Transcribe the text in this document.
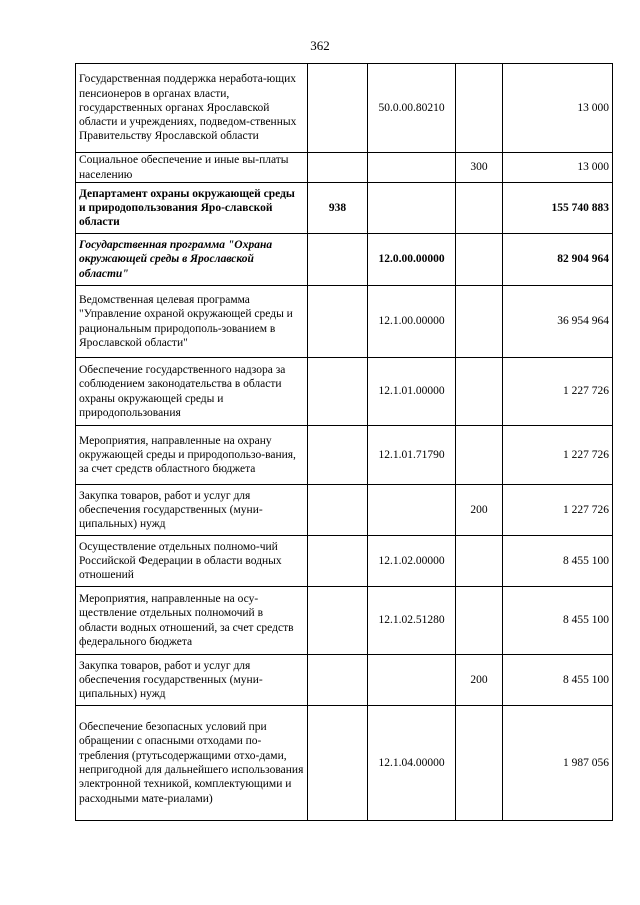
362
Государственная поддержка неработа-ющих пенсионеров в органах власти, государственных органах Ярославской области и учреждениях, подведом-ственных Правительству Ярославской области		50.0.00.80210		13 000
Социальное обеспечение и иные вы-платы населению			300	13 000
Департамент охраны окружающей среды и природопользования Яро-славской области	938			155 740 883
Государственная программа "Охрана окружающей среды в Ярославской области"		12.0.00.00000		82 904 964
Ведомственная целевая программа "Управление охраной окружающей среды и рациональным природополь-зованием в Ярославской области"		12.1.00.00000		36 954 964
Обеспечение государственного надзора за соблюдением законодательства в области охраны окружающей среды и природопользования		12.1.01.00000		1 227 726
Мероприятия, направленные на охрану окружающей среды и природопользо-вания, за счет средств областного бюджета		12.1.01.71790		1 227 726
Закупка товаров, работ и услуг для обеспечения государственных (муни-ципальных) нужд			200	1 227 726
Осуществление отдельных полномо-чий Российской Федерации в области водных отношений		12.1.02.00000		8 455 100
Мероприятия, направленные на осу-ществление отдельных полномочий в области водных отношений, за счет средств федерального бюджета		12.1.02.51280		8 455 100
Закупка товаров, работ и услуг для обеспечения государственных (муни-ципальных) нужд			200	8 455 100
Обеспечение безопасных условий при обращении с опасными отходами по-требления (ртутьсодержащими отхо-дами, непригодной для дальнейшего использования электронной техникой, комплектующими и расходными мате-риалами)		12.1.04.00000		1 987 056
